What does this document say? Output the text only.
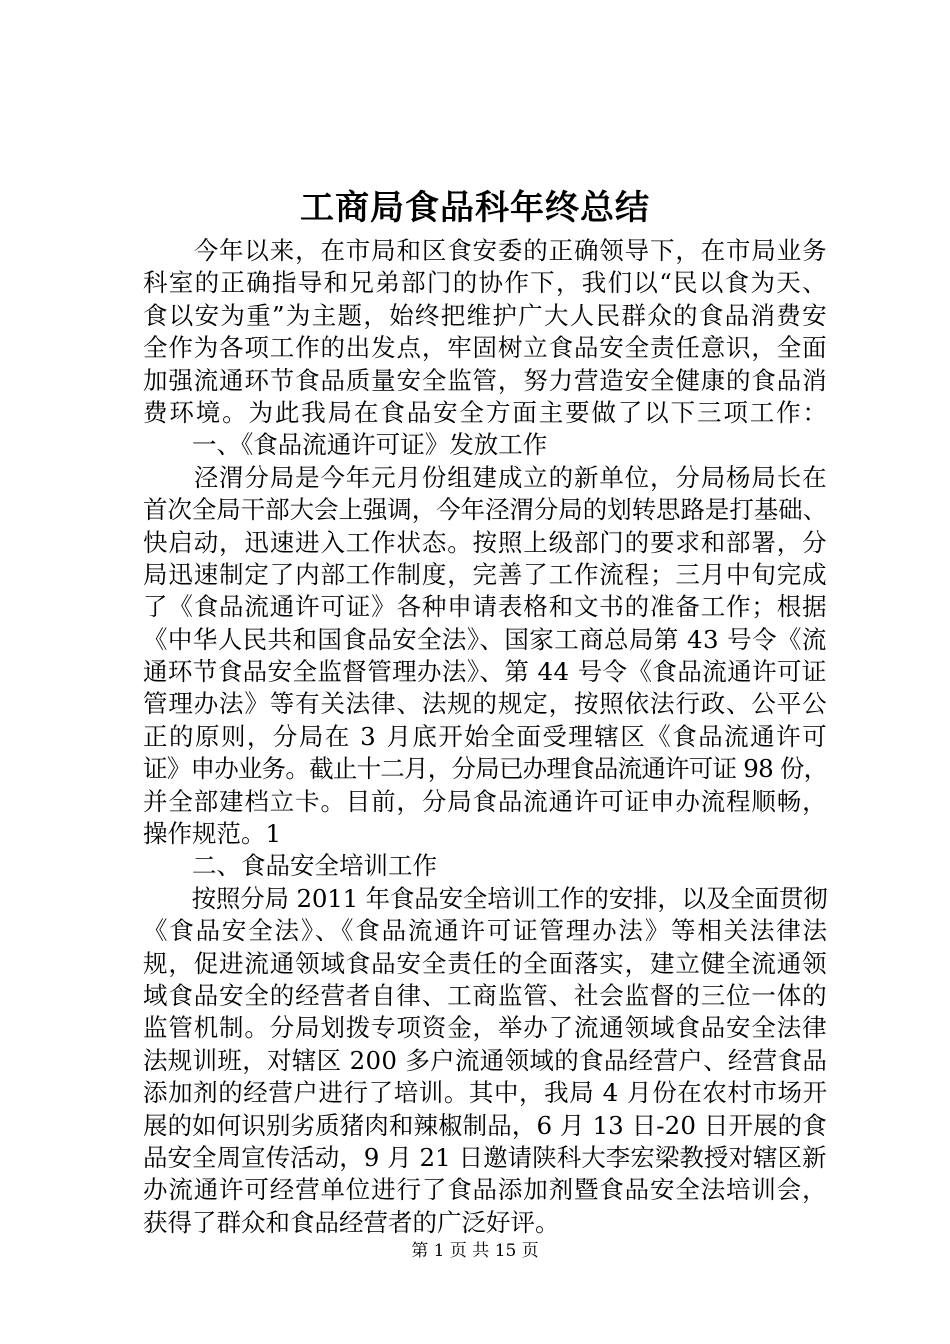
工商局食品科年终总结
　　今年以来，在市局和区食安委的正确领导下，在市局业务
科室的正确指导和兄弟部门的协作下，我们以“民以食为天、
食以安为重”为主题，始终把维护广大人民群众的食品消费安
全作为各项工作的出发点，牢固树立食品安全责任意识，全面
加强流通环节食品质量安全监管，努力营造安全健康的食品消
费环境。为此我局在食品安全方面主要做了以下三项工作：
　　一、《食品流通许可证》发放工作
　　泾渭分局是今年元月份组建成立的新单位，分局杨局长在
首次全局干部大会上强调，今年泾渭分局的划转思路是打基础、
快启动，迅速进入工作状态。按照上级部门的要求和部署，分
局迅速制定了内部工作制度，完善了工作流程；三月中旬完成
了《食品流通许可证》各种申请表格和文书的准备工作；根据
《中华人民共和国食品安全法》、国家工商总局第 43 号令《流
通环节食品安全监督管理办法》、第 44 号令《食品流通许可证
管理办法》等有关法律、法规的规定，按照依法行政、公平公
正的原则，分局在 3 月底开始全面受理辖区《食品流通许可
证》申办业务。截止十二月，分局已办理食品流通许可证 98 份，
并全部建档立卡。目前，分局食品流通许可证申办流程顺畅，
操作规范。1
　　二、食品安全培训工作
　　按照分局 2011 年食品安全培训工作的安排，以及全面贯彻
《食品安全法》、《食品流通许可证管理办法》等相关法律法
规，促进流通领域食品安全责任的全面落实，建立健全流通领
域食品安全的经营者自律、工商监管、社会监督的三位一体的
监管机制。分局划拨专项资金，举办了流通领域食品安全法律
法规训班，对辖区 200 多户流通领域的食品经营户、经营食品
添加剂的经营户进行了培训。其中，我局 4 月份在农村市场开
展的如何识别劣质猪肉和辣椒制品，6 月 13 日-20 日开展的食
品安全周宣传活动，9 月 21 日邀请陕科大李宏梁教授对辖区新
办流通许可经营单位进行了食品添加剂暨食品安全法培训会，
获得了群众和食品经营者的广泛好评。
第 1 页 共 15 页
